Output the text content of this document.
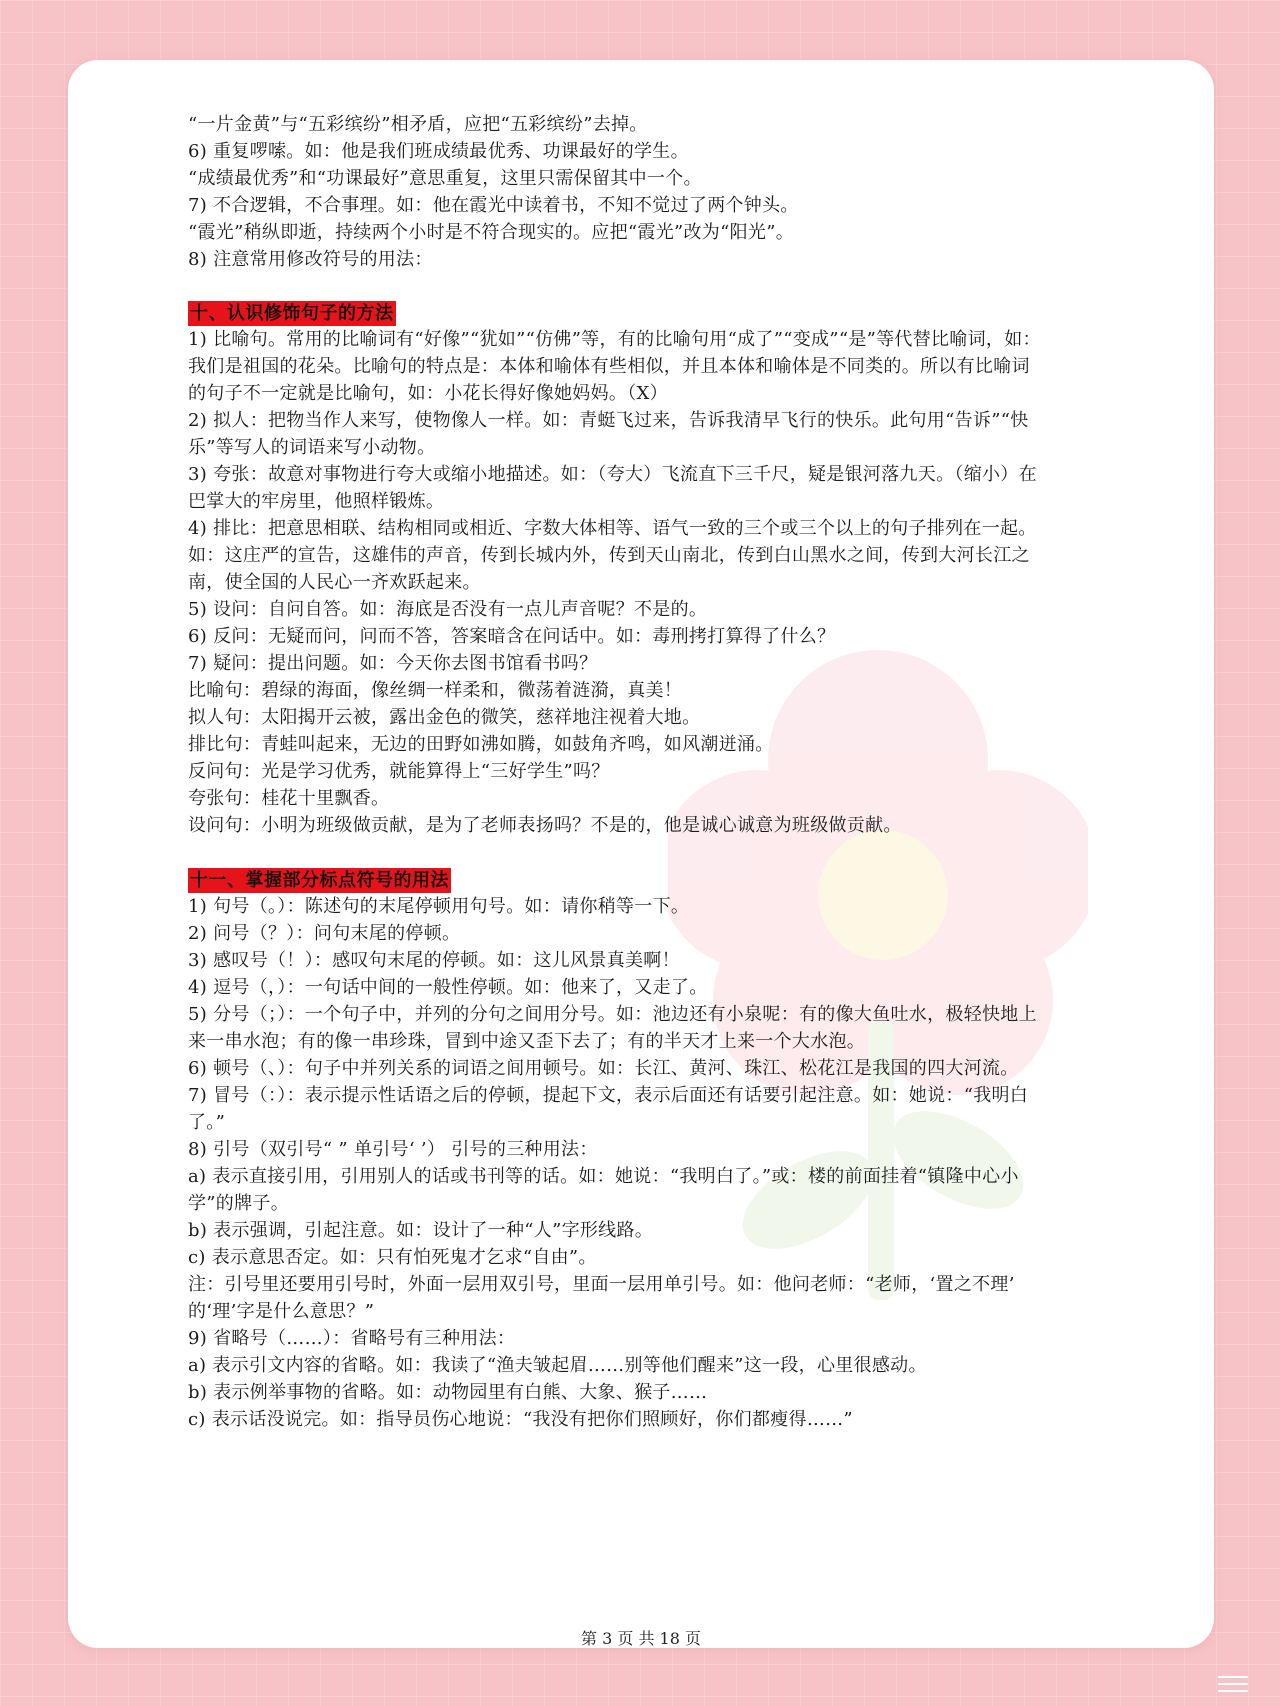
“一片金黄”与“五彩缤纷”相矛盾，应把“五彩缤纷”去掉。
6) 重复啰嗦。如：他是我们班成绩最优秀、功课最好的学生。
“成绩最优秀”和“功课最好”意思重复，这里只需保留其中一个。
7) 不合逻辑，不合事理。如：他在霞光中读着书，不知不觉过了两个钟头。
“霞光”稍纵即逝，持续两个小时是不符合现实的。应把“霞光”改为“阳光”。
8) 注意常用修改符号的用法：
十、认识修饰句子的方法
1) 比喻句。常用的比喻词有“好像”“犹如”“仿佛”等，有的比喻句用“成了”“变成”“是”等代替比喻词，如：
我们是祖国的花朵。比喻句的特点是：本体和喻体有些相似，并且本体和喻体是不同类的。所以有比喻词
的句子不一定就是比喻句，如：小花长得好像她妈妈。（X）
2) 拟人：把物当作人来写，使物像人一样。如：青蜓飞过来，告诉我清早飞行的快乐。此句用“告诉”“快
乐”等写人的词语来写小动物。
3) 夸张：故意对事物进行夸大或缩小地描述。如：（夸大）飞流直下三千尺，疑是银河落九天。（缩小）在
巴掌大的牢房里，他照样锻炼。
4) 排比：把意思相联、结构相同或相近、字数大体相等、语气一致的三个或三个以上的句子排列在一起。
如：这庄严的宣告，这雄伟的声音，传到长城内外，传到天山南北，传到白山黑水之间，传到大河长江之
南，使全国的人民心一齐欢跃起来。
5) 设问：自问自答。如：海底是否没有一点儿声音呢？不是的。
6) 反问：无疑而问，问而不答，答案暗含在问话中。如：毒刑拷打算得了什么？
7) 疑问：提出问题。如：今天你去图书馆看书吗？
比喻句：碧绿的海面，像丝绸一样柔和，微荡着涟漪，真美！
拟人句：太阳揭开云被，露出金色的微笑，慈祥地注视着大地。
排比句：青蛙叫起来，无边的田野如沸如腾，如鼓角齐鸣，如风潮迸涌。
反问句：光是学习优秀，就能算得上“三好学生”吗？
夸张句：桂花十里飘香。
设问句：小明为班级做贡献，是为了老师表扬吗？不是的，他是诚心诚意为班级做贡献。
十一、掌握部分标点符号的用法
1) 句号（。）：陈述句的末尾停顿用句号。如：请你稍等一下。
2) 问号（？）：问句末尾的停顿。
3) 感叹号（！）：感叹句末尾的停顿。如：这儿风景真美啊！
4) 逗号（，）：一句话中间的一般性停顿。如：他来了，又走了。
5) 分号（；）：一个句子中，并列的分句之间用分号。如：池边还有小泉呢：有的像大鱼吐水，极轻快地上
来一串水泡；有的像一串珍珠，冒到中途又歪下去了；有的半天才上来一个大水泡。
6) 顿号（、）：句子中并列关系的词语之间用顿号。如：长江、黄河、珠江、松花江是我国的四大河流。
7) 冒号（：）：表示提示性话语之后的停顿，提起下文，表示后面还有话要引起注意。如：她说：“我明白
了。”
8) 引号（双引号“ ” 单引号‘ ’） 引号的三种用法：
a) 表示直接引用，引用别人的话或书刊等的话。如：她说：“我明白了。”或：楼的前面挂着“镇隆中心小
学”的牌子。
b) 表示强调，引起注意。如：设计了一种“人”字形线路。
c) 表示意思否定。如：只有怕死鬼才乞求“自由”。
注：引号里还要用引号时，外面一层用双引号，里面一层用单引号。如：他问老师：“老师，‘置之不理’
的‘理’字是什么意思？”
9) 省略号（……）：省略号有三种用法：
a) 表示引文内容的省略。如：我读了“渔夫皱起眉……别等他们醒来”这一段，心里很感动。
b) 表示例举事物的省略。如：动物园里有白熊、大象、猴子……
c) 表示话没说完。如：指导员伤心地说：“我没有把你们照顾好，你们都瘦得……”
第 3 页 共 18 页
